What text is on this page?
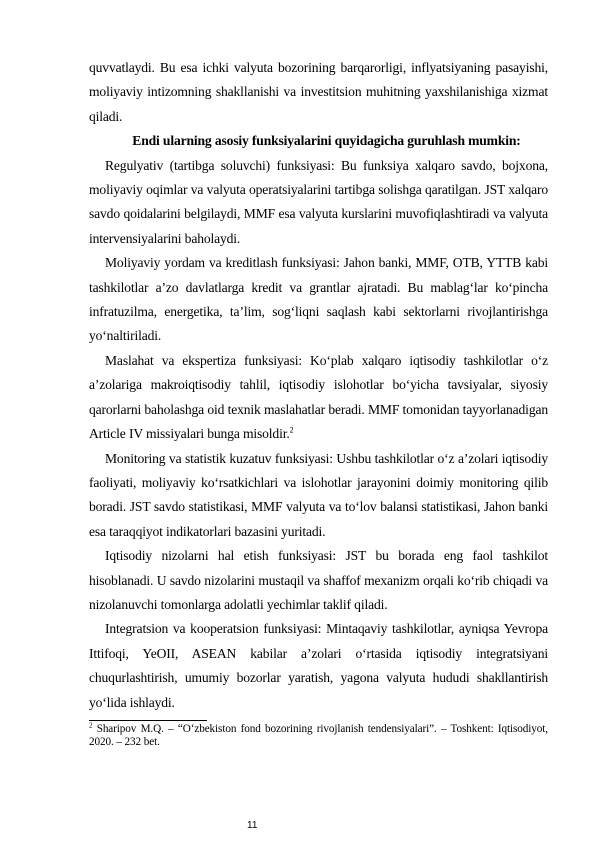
quvvatlaydi. Bu esa ichki valyuta bozorining barqarorligi, inflyatsiyaning pasayishi, moliyaviy intizomning shakllanishi va investitsion muhitning yaxshilanishiga xizmat qiladi.

Endi ularning asosiy funksiyalarini quyidagicha guruhlash mumkin:

Regulyativ (tartibga soluvchi) funksiyasi: Bu funksiya xalqaro savdo, bojxona, moliyaviy oqimlar va valyuta operatsiyalarini tartibga solishga qaratilgan. JST xalqaro savdo qoidalarini belgilaydi, MMF esa valyuta kurslarini muvofiqlashtiradi va valyuta intervensiyalarini baholaydi.

Moliyaviy yordam va kreditlash funksiyasi: Jahon banki, MMF, OTB, YTTB kabi tashkilotlar a’zo davlatlarga kredit va grantlar ajratadi. Bu mablag‘lar ko‘pincha infratuzilma, energetika, ta’lim, sog‘liqni saqlash kabi sektorlarni rivojlantirishga yo‘naltiriladi.

Maslahat va ekspertiza funksiyasi: Ko‘plab xalqaro iqtisodiy tashkilotlar o‘z a’zolariga makroiqtisodiy tahlil, iqtisodiy islohotlar bo‘yicha tavsiyalar, siyosiy qarorlarni baholashga oid texnik maslahatlar beradi. MMF tomonidan tayyorlanadigan Article IV missiyalari bunga misoldir.$^2$

Monitoring va statistik kuzatuv funksiyasi: Ushbu tashkilotlar o‘z a’zolari iqtisodiy faoliyati, moliyaviy ko‘rsatkichlari va islohotlar jarayonini doimiy monitoring qilib boradi. JST savdo statistikasi, MMF valyuta va to‘lov balansi statistikasi, Jahon banki esa taraqqiyot indikatorlari bazasini yuritadi.

Iqtisodiy nizolarni hal etish funksiyasi: JST bu borada eng faol tashkilot hisoblanadi. U savdo nizolarini mustaqil va shaffof mexanizm orqali ko‘rib chiqadi va nizolanuvchi tomonlarga adolatli yechimlar taklif qiladi.

Integratsion va kooperatsion funksiyasi: Mintaqaviy tashkilotlar, ayniqsa Yevropa Ittifoqi, YeOII, ASEAN kabilar a’zolari o‘rtasida iqtisodiy integratsiyani chuqurlashtirish, umumiy bozorlar yaratish, yagona valyuta hududi shakllantirish yo‘lida ishlaydi.

$^2$ Sharipov M.Q. – “O‘zbekiston fond bozorining rivojlanish tendensiyalari”. – Toshkent: Iqtisodiyot, 2020. – 232 bet.
11
